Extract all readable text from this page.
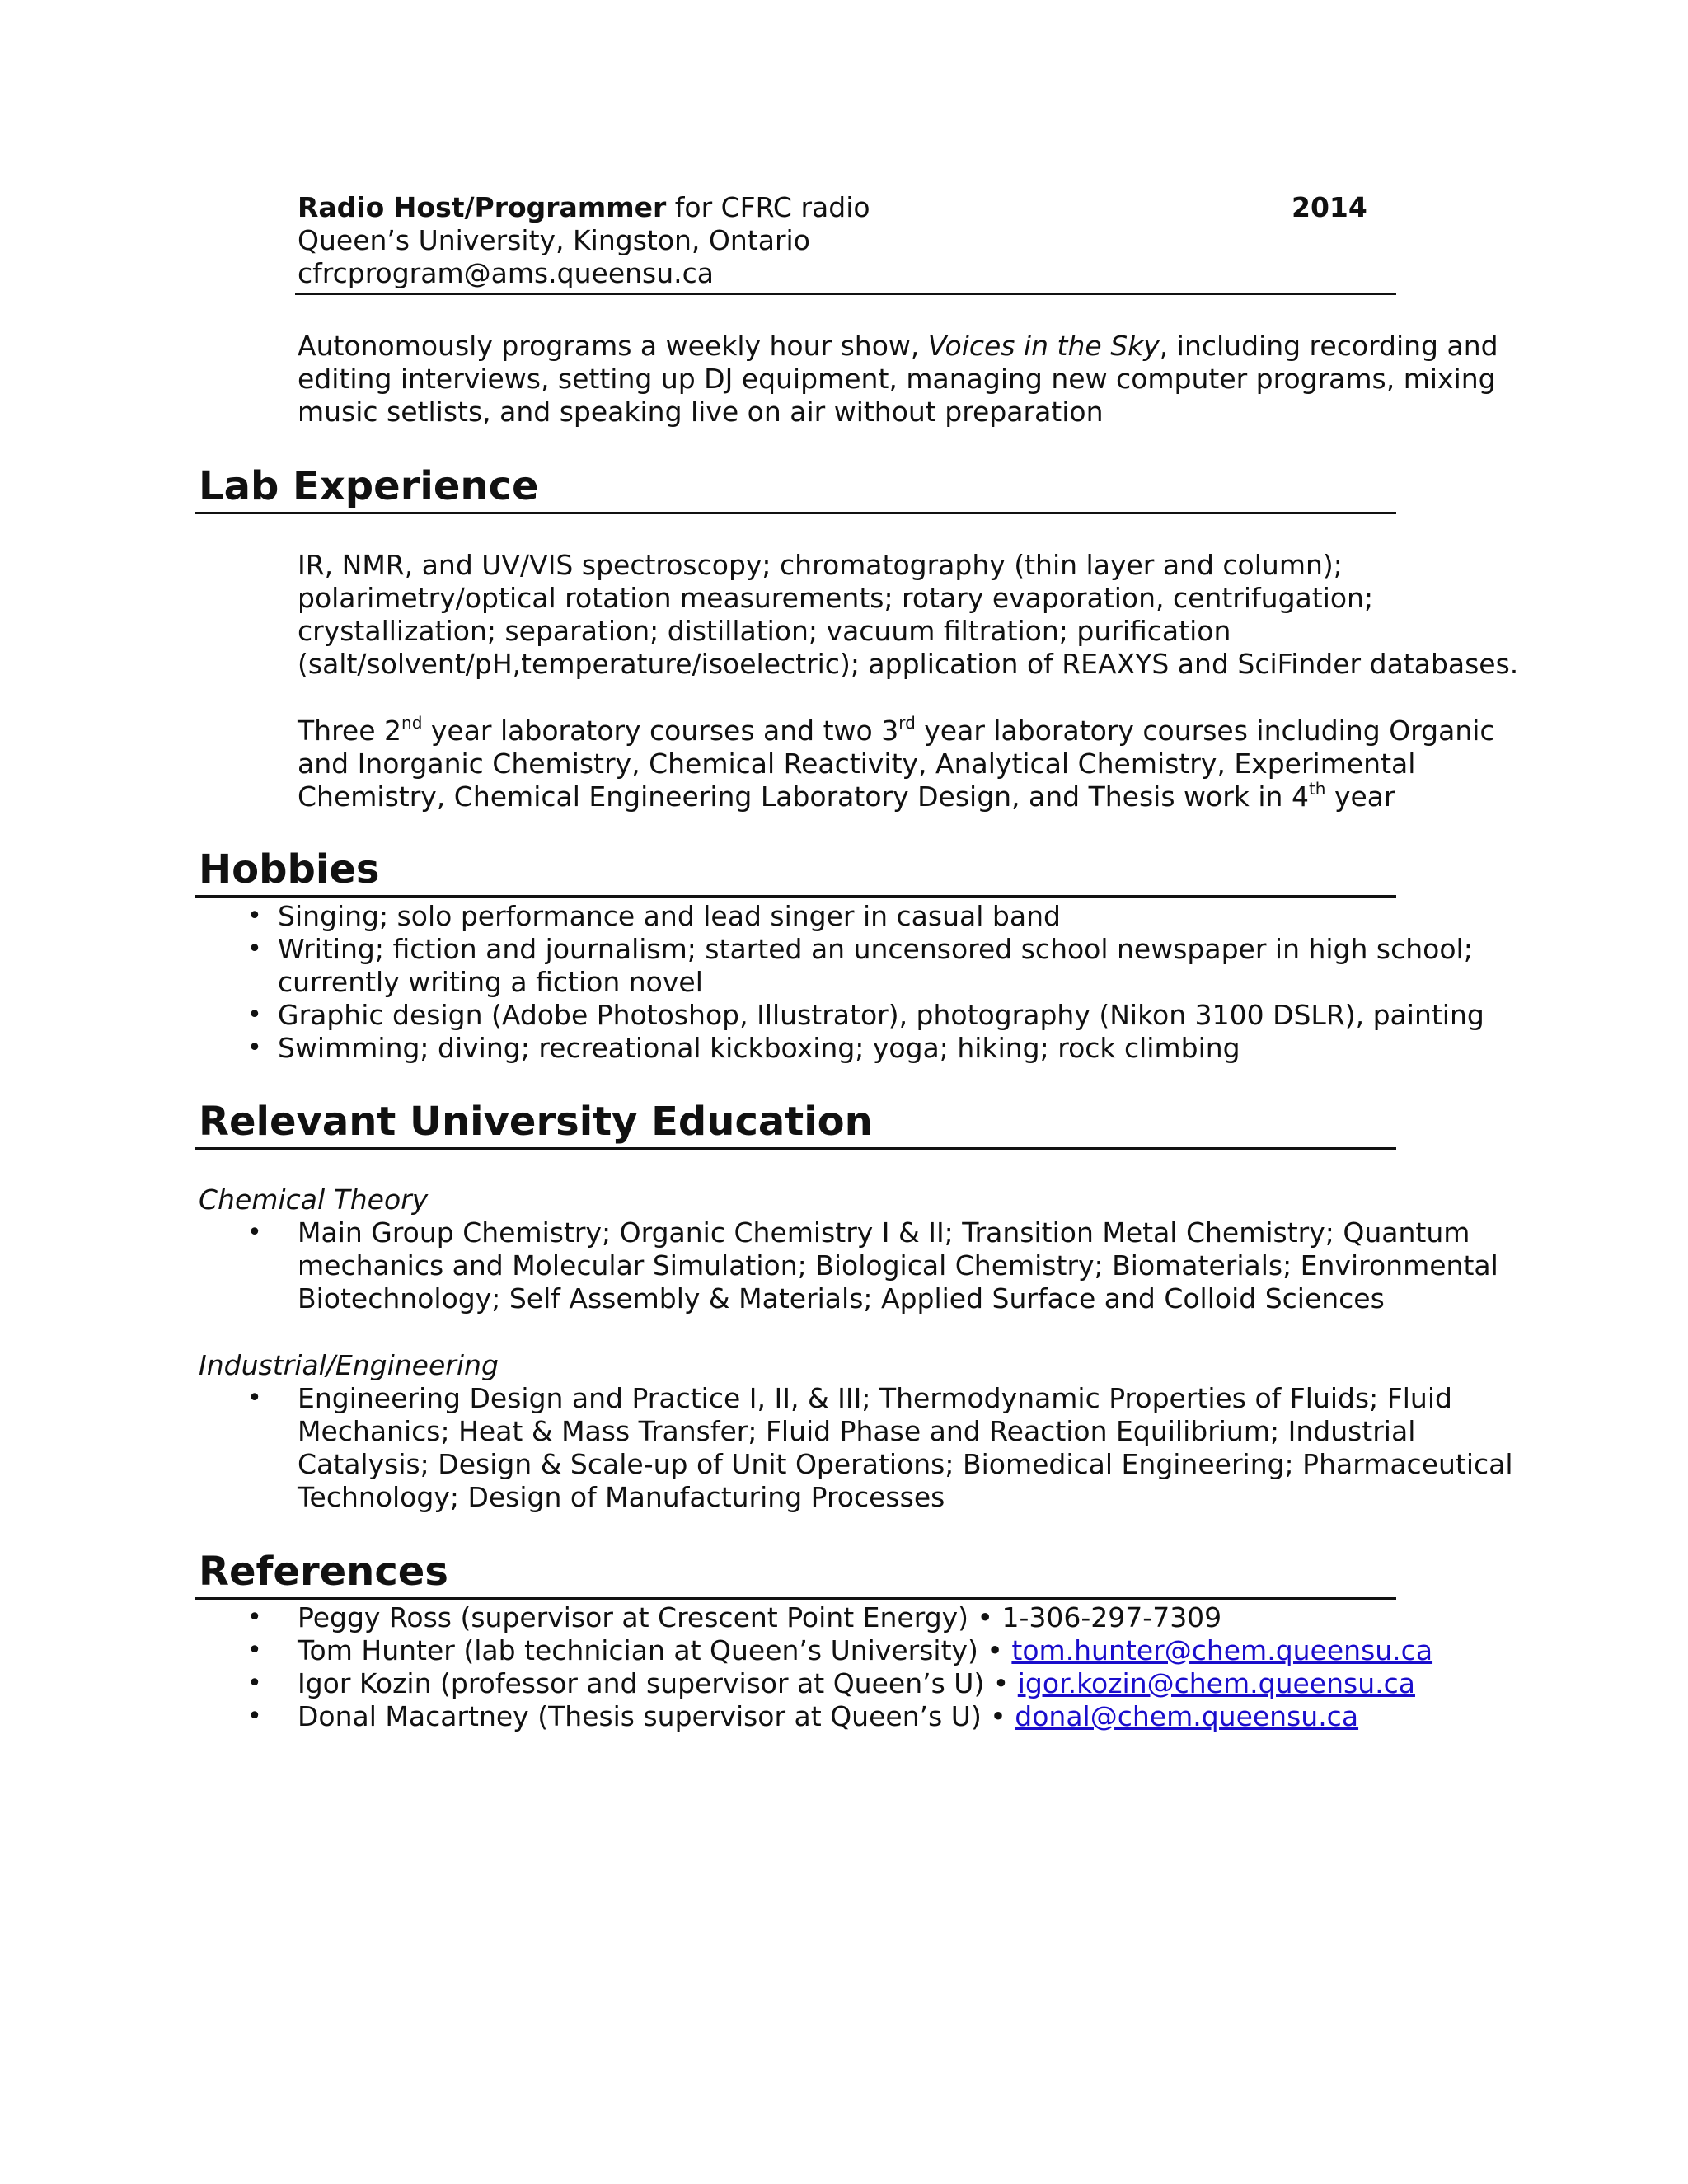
Radio Host/Programmer for CFRC radio	2014
Queen’s University, Kingston, Ontario
cfrcprogram@ams.queensu.ca
Autonomously programs a weekly hour show, Voices in the Sky, including recording and
editing interviews, setting up DJ equipment, managing new computer programs, mixing
music setlists, and speaking live on air without preparation
Lab Experience
IR, NMR, and UV/VIS spectroscopy; chromatography (thin layer and column);
polarimetry/optical rotation measurements; rotary evaporation, centrifugation;
crystallization; separation; distillation; vacuum filtration; purification
(salt/solvent/pH,temperature/isoelectric); application of REAXYS and SciFinder databases.
Three 2nd year laboratory courses and two 3rd year laboratory courses including Organic
and Inorganic Chemistry, Chemical Reactivity, Analytical Chemistry, Experimental
Chemistry, Chemical Engineering Laboratory Design, and Thesis work in 4th year
Hobbies
• Singing; solo performance and lead singer in casual band
• Writing; fiction and journalism; started an uncensored school newspaper in high school;
currently writing a fiction novel
• Graphic design (Adobe Photoshop, Illustrator), photography (Nikon 3100 DSLR), painting
• Swimming; diving; recreational kickboxing; yoga; hiking; rock climbing
Relevant University Education
Chemical Theory
• Main Group Chemistry; Organic Chemistry I & II; Transition Metal Chemistry; Quantum
mechanics and Molecular Simulation; Biological Chemistry; Biomaterials; Environmental
Biotechnology; Self Assembly & Materials; Applied Surface and Colloid Sciences
Industrial/Engineering
• Engineering Design and Practice I, II, & III; Thermodynamic Properties of Fluids; Fluid
Mechanics; Heat & Mass Transfer; Fluid Phase and Reaction Equilibrium; Industrial
Catalysis; Design & Scale-up of Unit Operations; Biomedical Engineering; Pharmaceutical
Technology; Design of Manufacturing Processes
References
• Peggy Ross (supervisor at Crescent Point Energy) • 1-306-297-7309
• Tom Hunter (lab technician at Queen’s University) • tom.hunter@chem.queensu.ca
• Igor Kozin (professor and supervisor at Queen’s U) • igor.kozin@chem.queensu.ca
• Donal Macartney (Thesis supervisor at Queen’s U) • donal@chem.queensu.ca
